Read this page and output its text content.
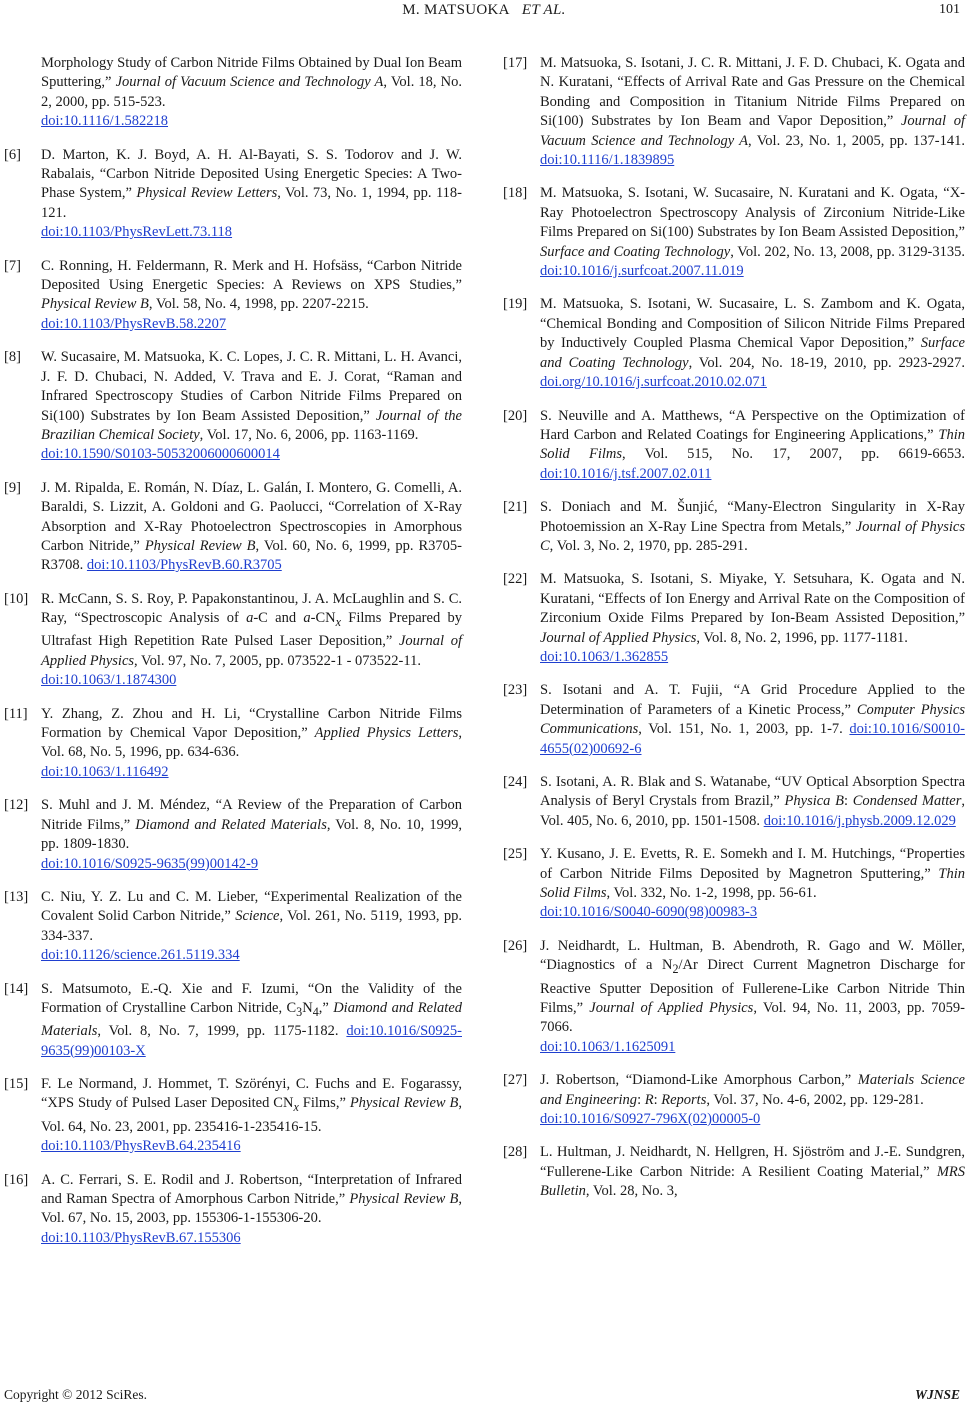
M. MATSUOKA ET AL.	101
Morphology Study of Carbon Nitride Films Obtained by Dual Ion Beam Sputtering,” Journal of Vacuum Science and Technology A, Vol. 18, No. 2, 2000, pp. 515-523.
doi:10.1116/1.582218
[6] D. Marton, K. J. Boyd, A. H. Al-Bayati, S. S. Todorov and J. W. Rabalais, “Carbon Nitride Deposited Using Energetic Species: A Two-Phase System,” Physical Review Letters, Vol. 73, No. 1, 1994, pp. 118-121.
doi:10.1103/PhysRevLett.73.118
[7] C. Ronning, H. Feldermann, R. Merk and H. Hofsäss, “Carbon Nitride Deposited Using Energetic Species: A Reviews on XPS Studies,” Physical Review B, Vol. 58, No. 4, 1998, pp. 2207-2215.
doi:10.1103/PhysRevB.58.2207
[8] W. Sucasaire, M. Matsuoka, K. C. Lopes, J. C. R. Mittani, L. H. Avanci, J. F. D. Chubaci, N. Added, V. Trava and E. J. Corat, “Raman and Infrared Spectroscopy Studies of Carbon Nitride Films Prepared on Si(100) Substrates by Ion Beam Assisted Deposition,” Journal of the Brazilian Chemical Society, Vol. 17, No. 6, 2006, pp. 1163-1169.
doi:10.1590/S0103-50532006000600014
[9] J. M. Ripalda, E. Román, N. Díaz, L. Galán, I. Montero, G. Comelli, A. Baraldi, S. Lizzit, A. Goldoni and G. Paolucci, “Correlation of X-Ray Absorption and X-Ray Photoelectron Spectroscopies in Amorphous Carbon Nitride,” Physical Review B, Vol. 60, No. 6, 1999, pp. R3705-R3708. doi:10.1103/PhysRevB.60.R3705
[10] R. McCann, S. S. Roy, P. Papakonstantinou, J. A. McLaughlin and S. C. Ray, “Spectroscopic Analysis of a-C and $a-CN_x$ Films Prepared by Ultrafast High Repetition Rate Pulsed Laser Deposition,” Journal of Applied Physics, Vol. 97, No. 7, 2005, pp. 073522-1 - 073522-11.
doi:10.1063/1.1874300
[11] Y. Zhang, Z. Zhou and H. Li, “Crystalline Carbon Nitride Films Formation by Chemical Vapor Deposition,” Applied Physics Letters, Vol. 68, No. 5, 1996, pp. 634-636.
doi:10.1063/1.116492
[12] S. Muhl and J. M. Méndez, “A Review of the Preparation of Carbon Nitride Films,” Diamond and Related Materials, Vol. 8, No. 10, 1999, pp. 1809-1830.
doi:10.1016/S0925-9635(99)00142-9
[13] C. Niu, Y. Z. Lu and C. M. Lieber, “Experimental Realization of the Covalent Solid Carbon Nitride,” Science, Vol. 261, No. 5119, 1993, pp. 334-337.
doi:10.1126/science.261.5119.334
[14] S. Matsumoto, E.-Q. Xie and F. Izumi, “On the Validity of the Formation of Crystalline Carbon Nitride, $C_3N_4$,” Diamond and Related Materials, Vol. 8, No. 7, 1999, pp. 1175-1182. doi:10.1016/S0925-9635(99)00103-X
[15] F. Le Normand, J. Hommet, T. Szörényi, C. Fuchs and E. Fogarassy, “XPS Study of Pulsed Laser Deposited $CN_x$ Films,” Physical Review B, Vol. 64, No. 23, 2001, pp. 235416-1-235416-15.
doi:10.1103/PhysRevB.64.235416
[16] A. C. Ferrari, S. E. Rodil and J. Robertson, “Interpretation of Infrared and Raman Spectra of Amorphous Carbon Nitride,” Physical Review B, Vol. 67, No. 15, 2003, pp. 155306-1-155306-20.
doi:10.1103/PhysRevB.67.155306
[17] M. Matsuoka, S. Isotani, J. C. R. Mittani, J. F. D. Chubaci, K. Ogata and N. Kuratani, “Effects of Arrival Rate and Gas Pressure on the Chemical Bonding and Composition in Titanium Nitride Films Prepared on Si(100) Substrates by Ion Beam and Vapor Deposition,” Journal of Vacuum Science and Technology A, Vol. 23, No. 1, 2005, pp. 137-141. doi:10.1116/1.1839895
[18] M. Matsuoka, S. Isotani, W. Sucasaire, N. Kuratani and K. Ogata, “X-Ray Photoelectron Spectroscopy Analysis of Zirconium Nitride-Like Films Prepared on Si(100) Substrates by Ion Beam Assisted Deposition,” Surface and Coating Technology, Vol. 202, No. 13, 2008, pp. 3129-3135. doi:10.1016/j.surfcoat.2007.11.019
[19] M. Matsuoka, S. Isotani, W. Sucasaire, L. S. Zambom and K. Ogata, “Chemical Bonding and Composition of Silicon Nitride Films Prepared by Inductively Coupled Plasma Chemical Vapor Deposition,” Surface and Coating Technology, Vol. 204, No. 18-19, 2010, pp. 2923-2927. doi.org/10.1016/j.surfcoat.2010.02.071
[20] S. Neuville and A. Matthews, “A Perspective on the Optimization of Hard Carbon and Related Coatings for Engineering Applications,” Thin Solid Films, Vol. 515, No. 17, 2007, pp. 6619-6653. doi:10.1016/j.tsf.2007.02.011
[21] S. Doniach and M. Šunjić, “Many-Electron Singularity in X-Ray Photoemission an X-Ray Line Spectra from Metals,” Journal of Physics C, Vol. 3, No. 2, 1970, pp. 285-291.
[22] M. Matsuoka, S. Isotani, S. Miyake, Y. Setsuhara, K. Ogata and N. Kuratani, “Effects of Ion Energy and Arrival Rate on the Composition of Zirconium Oxide Films Prepared by Ion-Beam Assisted Deposition,” Journal of Applied Physics, Vol. 8, No. 2, 1996, pp. 1177-1181.
doi:10.1063/1.362855
[23] S. Isotani and A. T. Fujii, “A Grid Procedure Applied to the Determination of Parameters of a Kinetic Process,” Computer Physics Communications, Vol. 151, No. 1, 2003, pp. 1-7. doi:10.1016/S0010-4655(02)00692-6
[24] S. Isotani, A. R. Blak and S. Watanabe, “UV Optical Absorption Spectra Analysis of Beryl Crystals from Brazil,” Physica B: Condensed Matter, Vol. 405, No. 6, 2010, pp. 1501-1508. doi:10.1016/j.physb.2009.12.029
[25] Y. Kusano, J. E. Evetts, R. E. Somekh and I. M. Hutchings, “Properties of Carbon Nitride Films Deposited by Magnetron Sputtering,” Thin Solid Films, Vol. 332, No. 1-2, 1998, pp. 56-61.
doi:10.1016/S0040-6090(98)00983-3
[26] J. Neidhardt, L. Hultman, B. Abendroth, R. Gago and W. Möller, “Diagnostics of a $N_2/Ar$ Direct Current Magnetron Discharge for Reactive Sputter Deposition of Fullerene-Like Carbon Nitride Thin Films,” Journal of Applied Physics, Vol. 94, No. 11, 2003, pp. 7059-7066.
doi:10.1063/1.1625091
[27] J. Robertson, “Diamond-Like Amorphous Carbon,” Materials Science and Engineering: R: Reports, Vol. 37, No. 4-6, 2002, pp. 129-281.
doi:10.1016/S0927-796X(02)00005-0
[28] L. Hultman, J. Neidhardt, N. Hellgren, H. Sjöström and J.-E. Sundgren, “Fullerene-Like Carbon Nitride: A Resilient Coating Material,” MRS Bulletin, Vol. 28, No. 3,
Copyright © 2012 SciRes.	WJNSE
